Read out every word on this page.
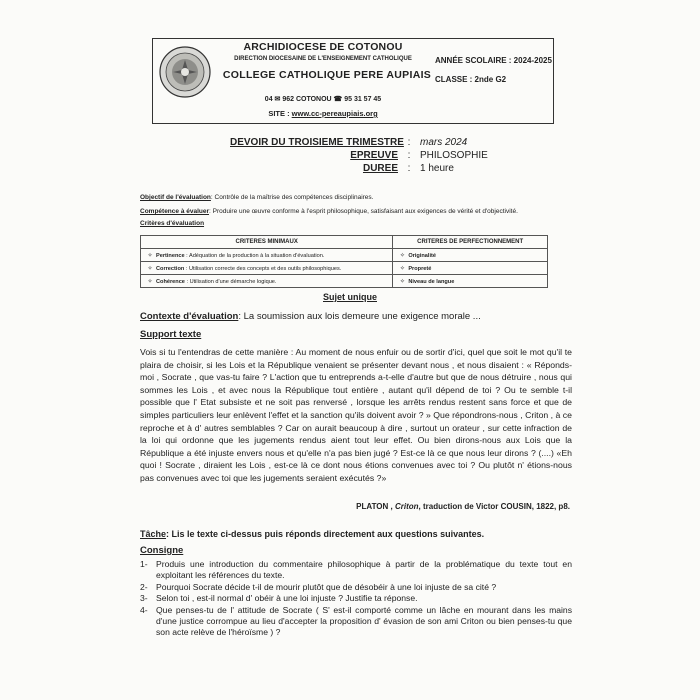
ARCHIDIOCESE DE COTONOU
DIRECTION DIOCESAINE DE L'ENSEIGNEMENT CATHOLIQUE
COLLEGE CATHOLIQUE PERE AUPIAIS
04 ✉ 962 COTONOU ☎ 95 31 57 45
SITE : www.cc-pereaupiais.org
ANNÉE SCOLAIRE : 2024-2025
CLASSE : 2nde G2
DEVOIR DU TROISIEME TRIMESTRE : mars 2024
EPREUVE : PHILOSOPHIE
DUREE : 1 heure
Objectif de l'évaluation: Contrôle de la maîtrise des compétences disciplinaires.
Compétence à évaluer: Produire une œuvre conforme à l'esprit philosophique, satisfaisant aux exigences de vérité et d'objectivité.
Critères d'évaluation
CRITERES MINIMAUX	CRITERES DE PERFECTIONNEMENT
✧ Pertinence : Adéquation de la production à la situation d'évaluation.	✧ Originalité
✧ Correction : Utilisation correcte des concepts et des outils philosophiques.	✧ Propreté
✧ Cohérence : Utilisation d'une démarche logique.	✧ Niveau de langue
Sujet unique
Contexte d'évaluation: La soumission aux lois demeure une exigence morale ...
Support texte

Vois si tu l'entendras de cette manière : Au moment de nous enfuir ou de sortir d'ici, quel que soit le mot qu'il te plaira de choisir, si les Lois et la République venaient se présenter devant nous , et nous disaient : « Réponds-moi , Socrate , que vas-tu faire ? L'action que tu entreprends a-t-elle d'autre but que de nous détruire , nous qui sommes les Lois , et avec nous la République tout entière , autant qu'il dépend de toi ? Ou te semble t-il possible que l' Etat subsiste et ne soit pas renversé , lorsque les arrêts rendus restent sans force et que de simples particuliers leur enlèvent l'effet et la sanction qu'ils doivent avoir ? » Que répondrons-nous , Criton , à ce reproche et à d' autres semblables ? Car on aurait beaucoup à dire , surtout un orateur , sur cette infraction de la loi qui ordonne que les jugements rendus aient tout leur effet. Ou bien dirons-nous aux Lois que la République a été injuste envers nous et qu'elle n'a pas bien jugé ? Est-ce là ce que nous leur dirons ? (....) «Eh quoi ! Socrate , diraient les Lois , est-ce là ce dont nous étions convenues avec toi ? Ou plutôt n' étions-nous pas convenues avec toi que les jugements seraient exécutés ?»

PLATON , Criton, traduction de Victor COUSIN, 1822, p8.
Tâche: Lis le texte ci-dessus puis réponds directement aux questions suivantes.
Consigne
1- Produis une introduction du commentaire philosophique à partir de la problématique du texte tout en exploitant les références du texte.
2- Pourquoi Socrate décide t-il de mourir plutôt que de désobéir à une loi injuste de sa cité ?
3- Selon toi , est-il normal d' obéir à une loi injuste ? Justifie ta réponse.
4- Que penses-tu de l' attitude de Socrate ( S' est-il comporté comme un lâche en mourant dans les mains d'une justice corrompue au lieu d'accepter la proposition d' évasion de son ami Criton ou bien penses-tu que son acte relève de l'héroïsme ) ?
